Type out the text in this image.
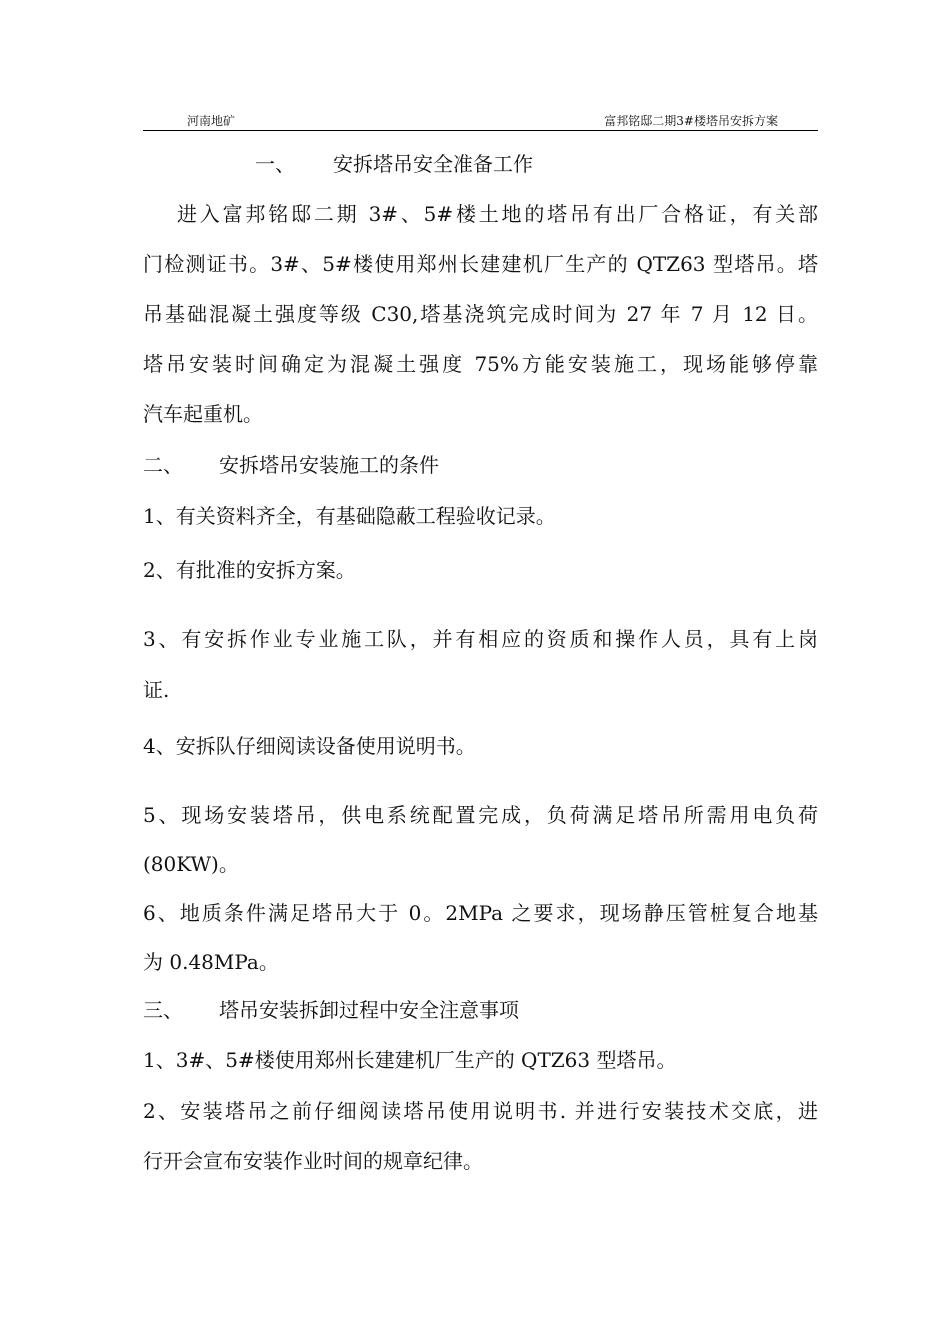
河南地矿	富邦铭邸二期3#楼塔吊安拆方案
一、 安拆塔吊安全准备工作
进入富邦铭邸二期 3#、5#楼土地的塔吊有出厂合格证，有关部
门检测证书。3#、5#楼使用郑州长建建机厂生产的 QTZ63 型塔吊。塔
吊基础混凝土强度等级 C30,塔基浇筑完成时间为 27 年 7 月 12 日。
塔吊安装时间确定为混凝土强度 75%方能安装施工，现场能够停靠
汽车起重机。
二、 安拆塔吊安装施工的条件
1、有关资料齐全，有基础隐蔽工程验收记录。
2、有批准的安拆方案。
3、有安拆作业专业施工队，并有相应的资质和操作人员，具有上岗
证.
4、安拆队仔细阅读设备使用说明书。
5、现场安装塔吊，供电系统配置完成，负荷满足塔吊所需用电负荷
(80KW)。
6、地质条件满足塔吊大于 0。2MPa 之要求，现场静压管桩复合地基
为 0.48MPa。
三、 塔吊安装拆卸过程中安全注意事项
1、3#、5#楼使用郑州长建建机厂生产的 QTZ63 型塔吊。
2、安装塔吊之前仔细阅读塔吊使用说明书. 并进行安装技术交底，进
行开会宣布安装作业时间的规章纪律。
